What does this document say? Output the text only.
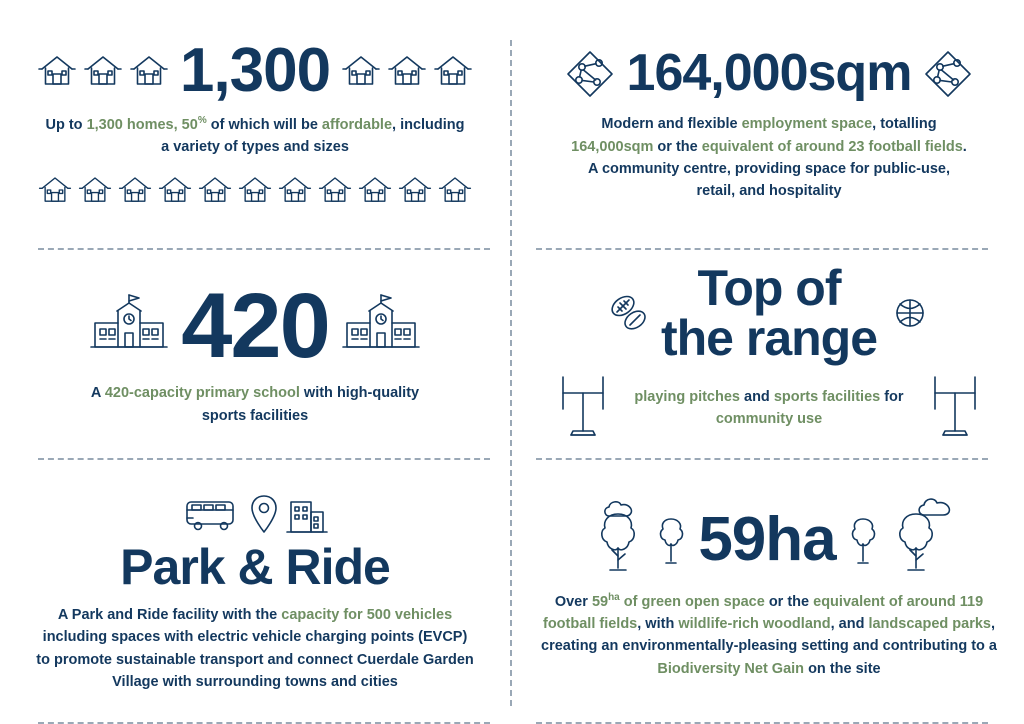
1,300
Up to 1,300 homes, 50% of which will be affordable, including a variety of types and sizes
164,000sqm
Modern and flexible employment space, totalling 164,000sqm or the equivalent of around 23 football fields. A community centre, providing space for public-use, retail, and hospitality
420
A 420-capacity primary school with high-quality sports facilities
Top of
the range
playing pitches and sports facilities for community use
Park & Ride
A Park and Ride facility with the capacity for 500 vehicles including spaces with electric vehicle charging points (EVCP) to promote sustainable transport and connect Cuerdale Garden Village with surrounding towns and cities
59ha
Over $59^{ha}$ of green open space or the equivalent of around 119 football fields, with wildlife-rich woodland, and landscaped parks, creating an environmentally-pleasing setting and contributing to a Biodiversity Net Gain on the site
